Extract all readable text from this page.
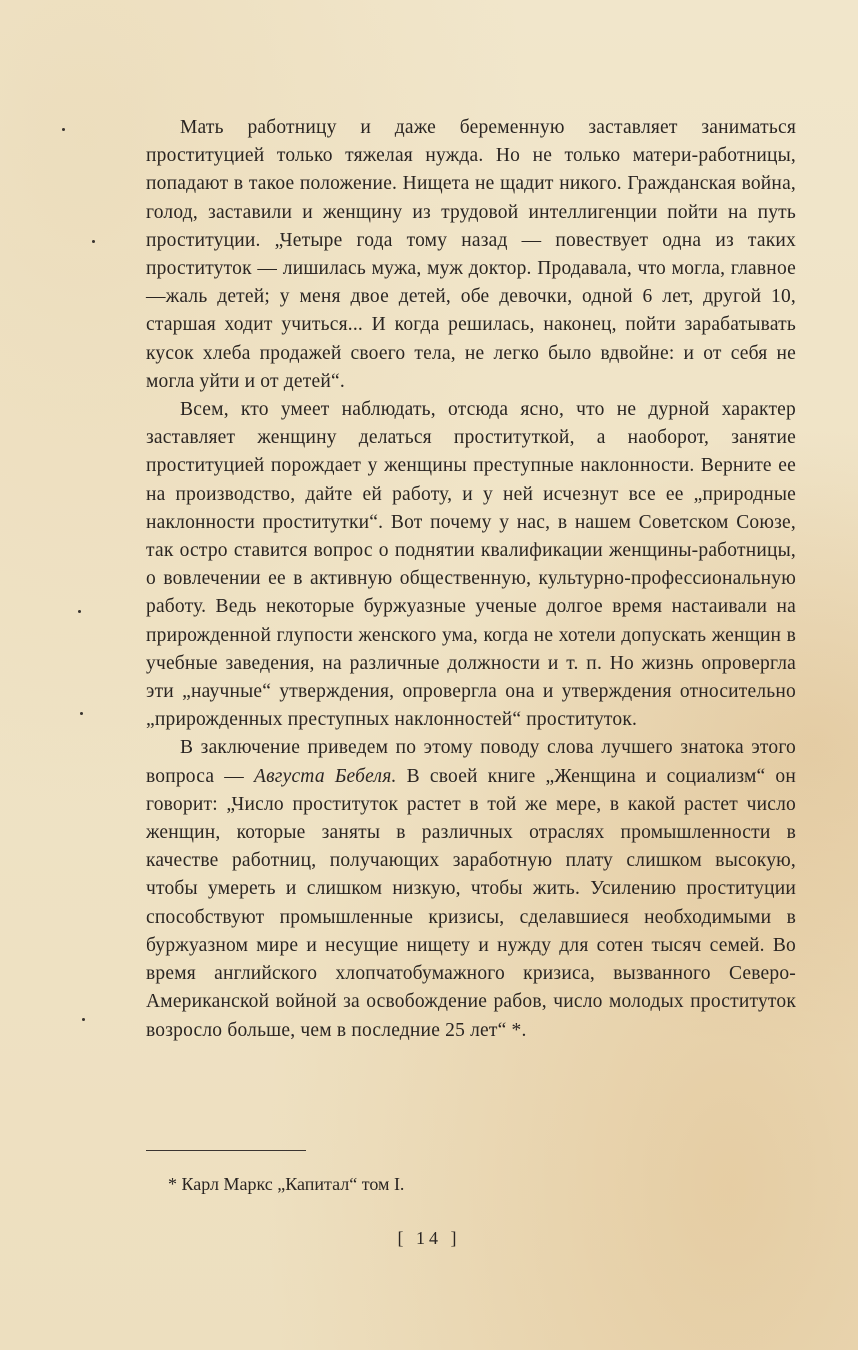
Мать работницу и даже беременную заставляет заниматься проституцией только тяжелая нужда. Но не только матери-работницы, попадают в такое положение. Нищета не щадит никого. Гражданская война, голод, заставили и женщину из трудовой интеллигенции пойти на путь проституции. „Четыре года тому назад — повествует одна из таких проституток — лишилась мужа, муж доктор. Продавала, что могла, главное—жаль детей; у меня двое детей, обе девочки, одной 6 лет, другой 10, старшая ходит учиться... И когда решилась, наконец, пойти зарабатывать кусок хлеба продажей своего тела, не легко было вдвойне: и от себя не могла уйти и от детей“.

Всем, кто умеет наблюдать, отсюда ясно, что не дурной характер заставляет женщину делаться проституткой, а наоборот, занятие проституцией порождает у женщины преступные наклонности. Верните ее на производство, дайте ей работу, и у ней исчезнут все ее „природные наклонности проститутки“. Вот почему у нас, в нашем Советском Союзе, так остро ставится вопрос о поднятии квалификации женщины-работницы, о вовлечении ее в активную общественную, культурно-профессиональную работу. Ведь некоторые буржуазные ученые долгое время настаивали на прирожденной глупости женского ума, когда не хотели допускать женщин в учебные заведения, на различные должности и т. п. Но жизнь опровергла эти „научные“ утверждения, опровергла она и утверждения относительно „прирожденных преступных наклонностей“ проституток.

В заключение приведем по этому поводу слова лучшего знатока этого вопроса — Августа Бебеля. В своей книге „Женщина и социализм“ он говорит: „Число проституток растет в той же мере, в какой растет число женщин, которые заняты в различных отраслях промышленности в качестве работниц, получающих заработную плату слишком высокую, чтобы умереть и слишком низкую, чтобы жить. Усилению проституции способствуют промышленные кризисы, сделавшиеся необходимыми в буржуазном мире и несущие нищету и нужду для сотен тысяч семей. Во время английского хлопчатобумажного кризиса, вызванного Северо-Американской войной за освобождение рабов, число молодых проституток возросло больше, чем в последние 25 лет“ *.

* Карл Маркс „Капитал“ том I.
[ 14 ]
